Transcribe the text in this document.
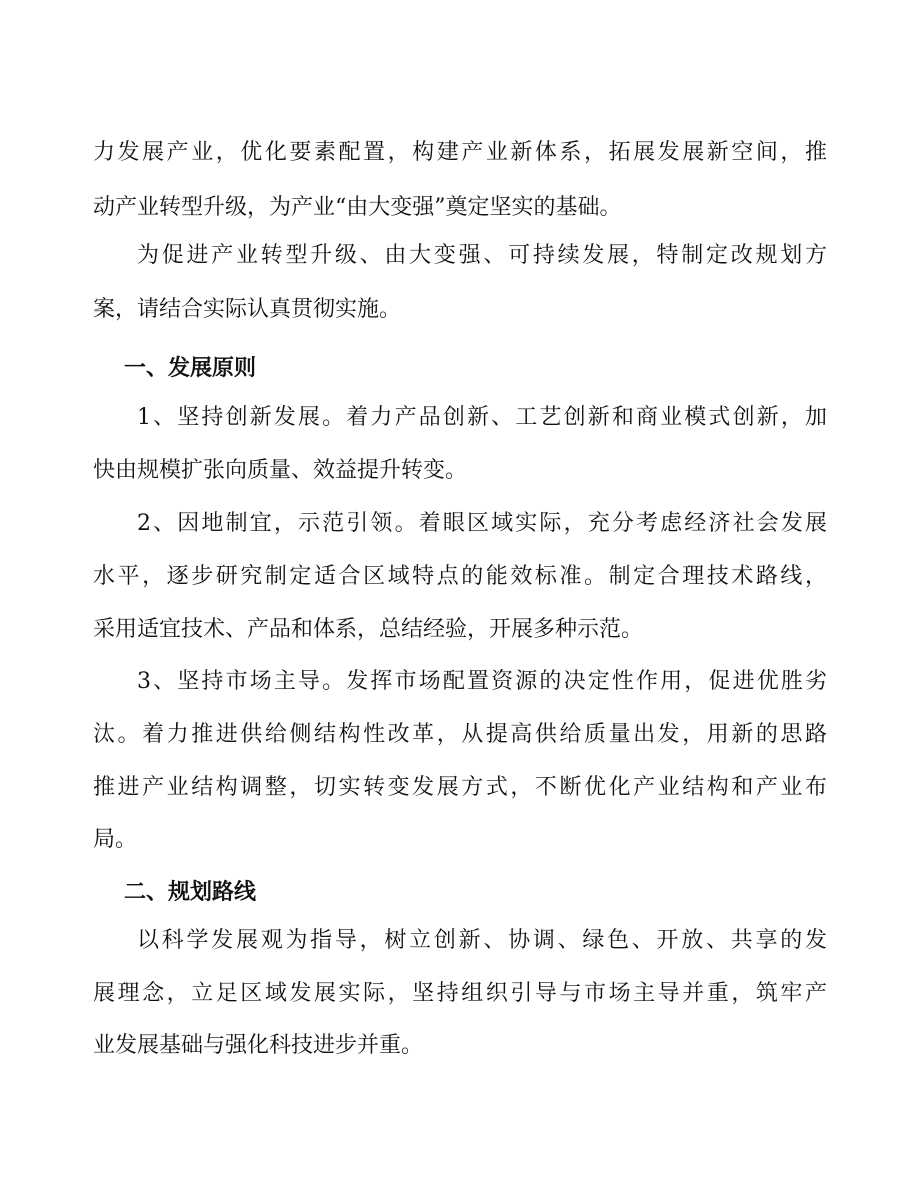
力发展产业，优化要素配置，构建产业新体系，拓展发展新空间，推
动产业转型升级，为产业“由大变强”奠定坚实的基础。
为促进产业转型升级、由大变强、可持续发展，特制定改规划方
案，请结合实际认真贯彻实施。
一、发展原则
1、坚持创新发展。着力产品创新、工艺创新和商业模式创新，加
快由规模扩张向质量、效益提升转变。
2、因地制宜，示范引领。着眼区域实际，充分考虑经济社会发展
水平，逐步研究制定适合区域特点的能效标准。制定合理技术路线，
采用适宜技术、产品和体系，总结经验，开展多种示范。
3、坚持市场主导。发挥市场配置资源的决定性作用，促进优胜劣
汰。着力推进供给侧结构性改革，从提高供给质量出发，用新的思路
推进产业结构调整，切实转变发展方式，不断优化产业结构和产业布
局。
二、规划路线
以科学发展观为指导，树立创新、协调、绿色、开放、共享的发
展理念，立足区域发展实际，坚持组织引导与市场主导并重，筑牢产
业发展基础与强化科技进步并重。
